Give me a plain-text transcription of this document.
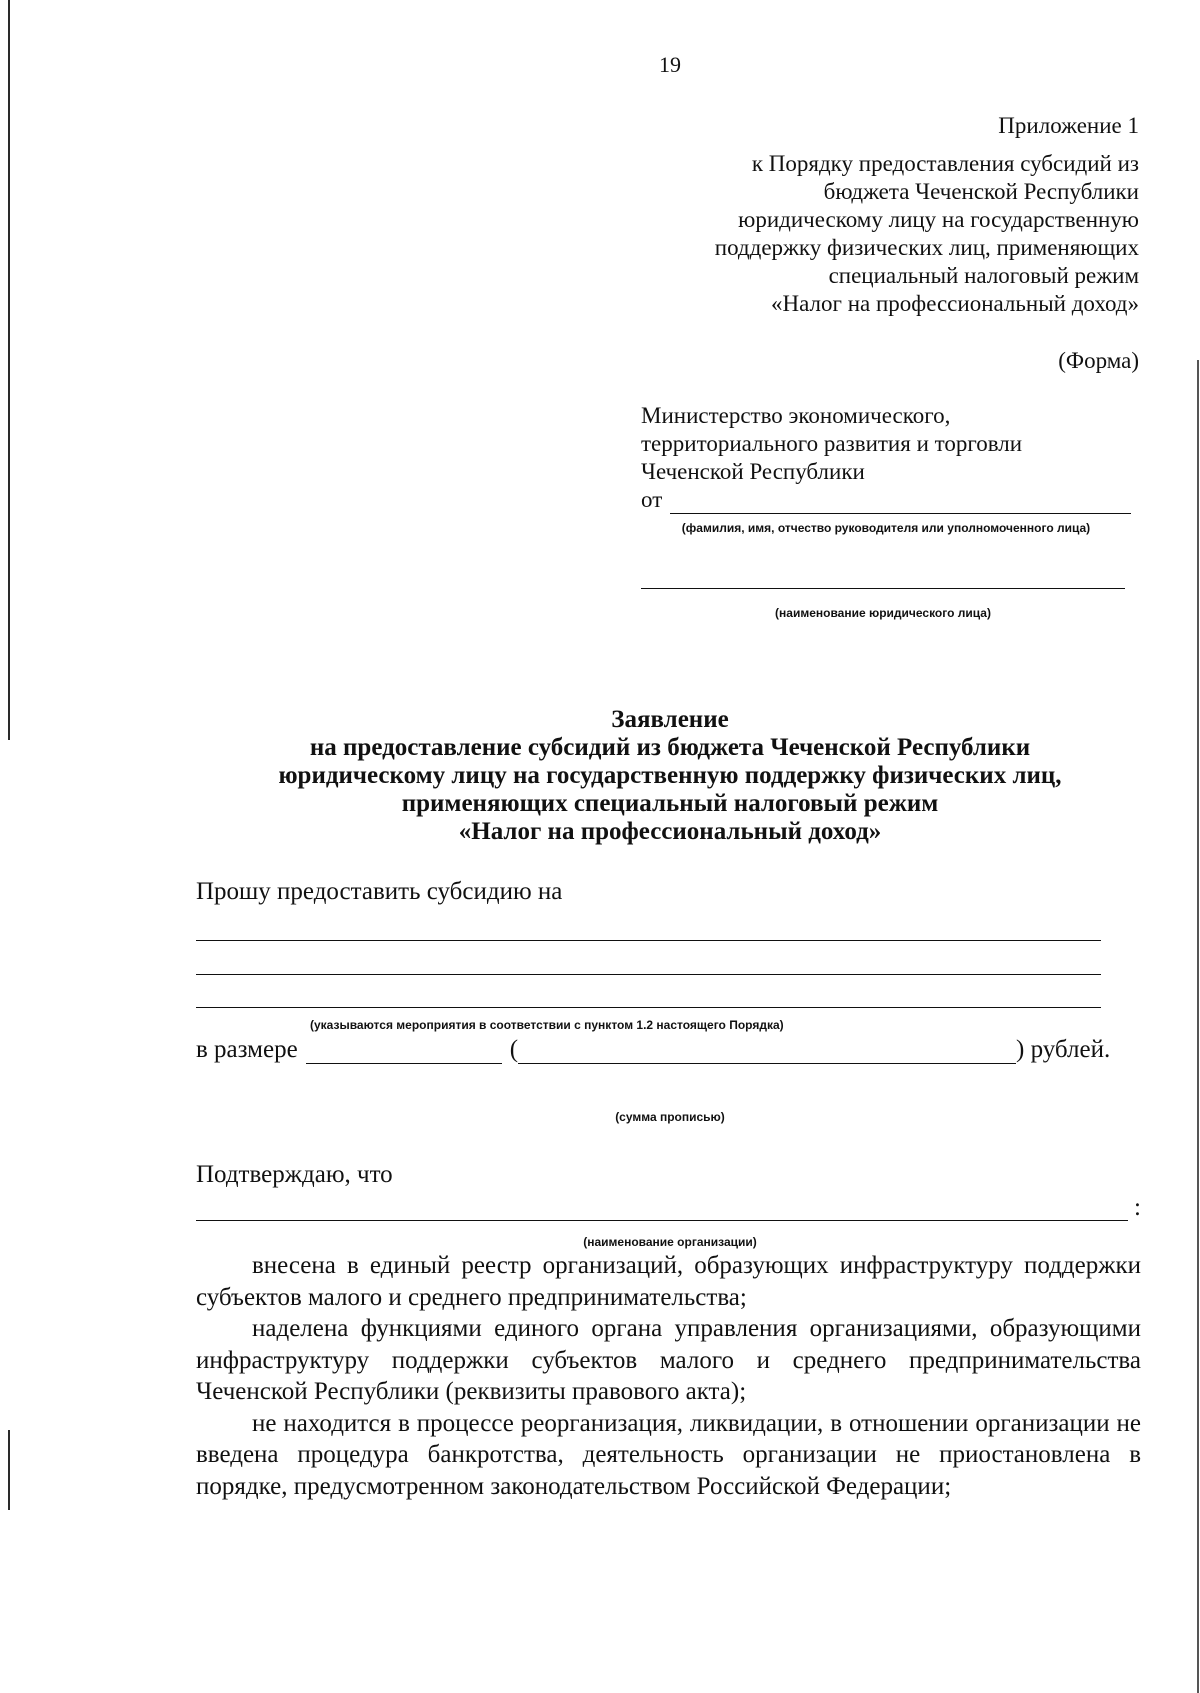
19
Приложение 1
к Порядку предоставления субсидий из
бюджета Чеченской Республики
юридическому лицу на государственную
поддержку физических лиц, применяющих
специальный налоговый режим
«Налог на профессиональный доход»
(Форма)
Министерство экономического,
территориального развития и торговли
Чеченской Республики
от
(фамилия, имя, отчество руководителя или уполномоченного лица)
(наименование юридического лица)
Заявление
на предоставление субсидий из бюджета Чеченской Республики
юридическому лицу на государственную поддержку физических лиц,
применяющих специальный налоговый режим
«Налог на профессиональный доход»
Прошу предоставить субсидию на
(указываются мероприятия в соответствии с пунктом 1.2 настоящего Порядка)
в размере	(	) рублей.
(сумма прописью)
Подтверждаю, что
:
(наименование организации)

внесена в единый реестр организаций, образующих инфраструктуру поддержки субъектов малого и среднего предпринимательства;

наделена функциями единого органа управления организациями, образующими инфраструктуру поддержки субъектов малого и среднего предпринимательства Чеченской Республики (реквизиты правового акта);

не находится в процессе реорганизация, ликвидации, в отношении организации не введена процедура банкротства, деятельность организации не приостановлена в порядке, предусмотренном законодательством Российской Федерации;
